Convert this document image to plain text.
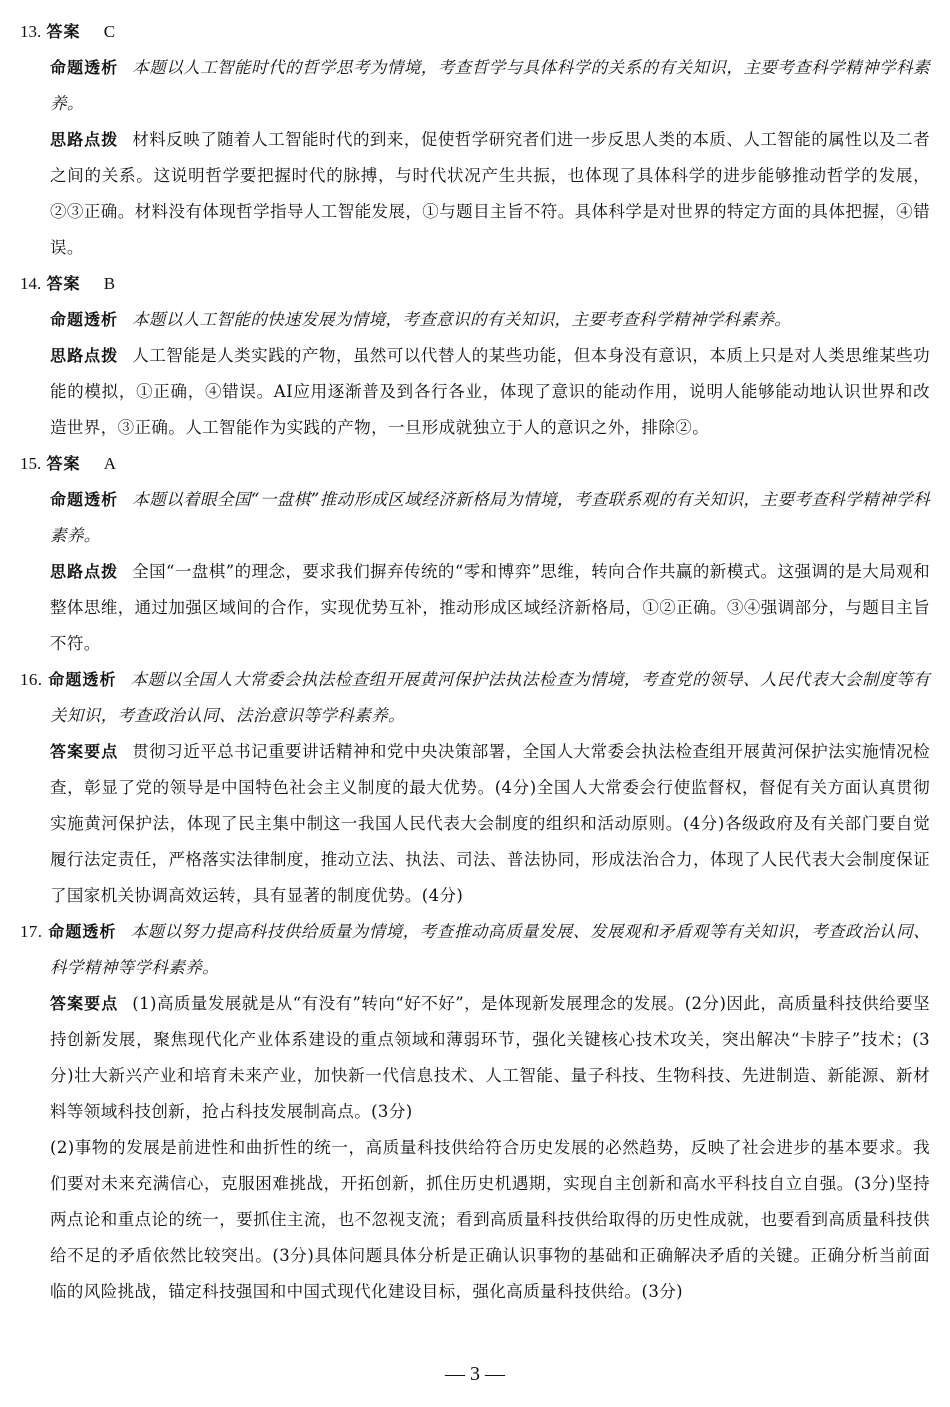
13. 答案 C

命题透析 本题以人工智能时代的哲学思考为情境，考查哲学与具体科学的关系的有关知识，主要考查科学精神学科素养。

思路点拨 材料反映了随着人工智能时代的到来，促使哲学研究者们进一步反思人类的本质、人工智能的属性以及二者之间的关系。这说明哲学要把握时代的脉搏，与时代状况产生共振，也体现了具体科学的进步能够推动哲学的发展，②③正确。材料没有体现哲学指导人工智能发展，①与题目主旨不符。具体科学是对世界的特定方面的具体把握，④错误。

14. 答案 B

命题透析 本题以人工智能的快速发展为情境，考查意识的有关知识，主要考查科学精神学科素养。

思路点拨 人工智能是人类实践的产物，虽然可以代替人的某些功能，但本身没有意识，本质上只是对人类思维某些功能的模拟，①正确，④错误。AI应用逐渐普及到各行各业，体现了意识的能动作用，说明人能够能动地认识世界和改造世界，③正确。人工智能作为实践的产物，一旦形成就独立于人的意识之外，排除②。

15. 答案 A

命题透析 本题以着眼全国“一盘棋”推动形成区域经济新格局为情境，考查联系观的有关知识，主要考查科学精神学科素养。

思路点拨 全国“一盘棋”的理念，要求我们摒弃传统的“零和博弈”思维，转向合作共赢的新模式。这强调的是大局观和整体思维，通过加强区域间的合作，实现优势互补，推动形成区域经济新格局，①②正确。③④强调部分，与题目主旨不符。

16. 命题透析 本题以全国人大常委会执法检查组开展黄河保护法执法检查为情境，考查党的领导、人民代表大会制度等有关知识，考查政治认同、法治意识等学科素养。

答案要点 贯彻习近平总书记重要讲话精神和党中央决策部署，全国人大常委会执法检查组开展黄河保护法实施情况检查，彰显了党的领导是中国特色社会主义制度的最大优势。(4分)全国人大常委会行使监督权，督促有关方面认真贯彻实施黄河保护法，体现了民主集中制这一我国人民代表大会制度的组织和活动原则。(4分)各级政府及有关部门要自觉履行法定责任，严格落实法律制度，推动立法、执法、司法、普法协同，形成法治合力，体现了人民代表大会制度保证了国家机关协调高效运转，具有显著的制度优势。(4分)

17. 命题透析 本题以努力提高科技供给质量为情境，考查推动高质量发展、发展观和矛盾观等有关知识，考查政治认同、科学精神等学科素养。

答案要点 (1)高质量发展就是从“有没有”转向“好不好”，是体现新发展理念的发展。(2分)因此，高质量科技供给要坚持创新发展，聚焦现代化产业体系建设的重点领域和薄弱环节，强化关键核心技术攻关，突出解决“卡脖子”技术；(3分)壮大新兴产业和培育未来产业，加快新一代信息技术、人工智能、量子科技、生物科技、先进制造、新能源、新材料等领域科技创新，抢占科技发展制高点。(3分)

(2)事物的发展是前进性和曲折性的统一，高质量科技供给符合历史发展的必然趋势，反映了社会进步的基本要求。我们要对未来充满信心，克服困难挑战，开拓创新，抓住历史机遇期，实现自主创新和高水平科技自立自强。(3分)坚持两点论和重点论的统一，要抓住主流，也不忽视支流；看到高质量科技供给取得的历史性成就，也要看到高质量科技供给不足的矛盾依然比较突出。(3分)具体问题具体分析是正确认识事物的基础和正确解决矛盾的关键。正确分析当前面临的风险挑战，锚定科技强国和中国式现代化建设目标，强化高质量科技供给。(3分)

— 3 —
